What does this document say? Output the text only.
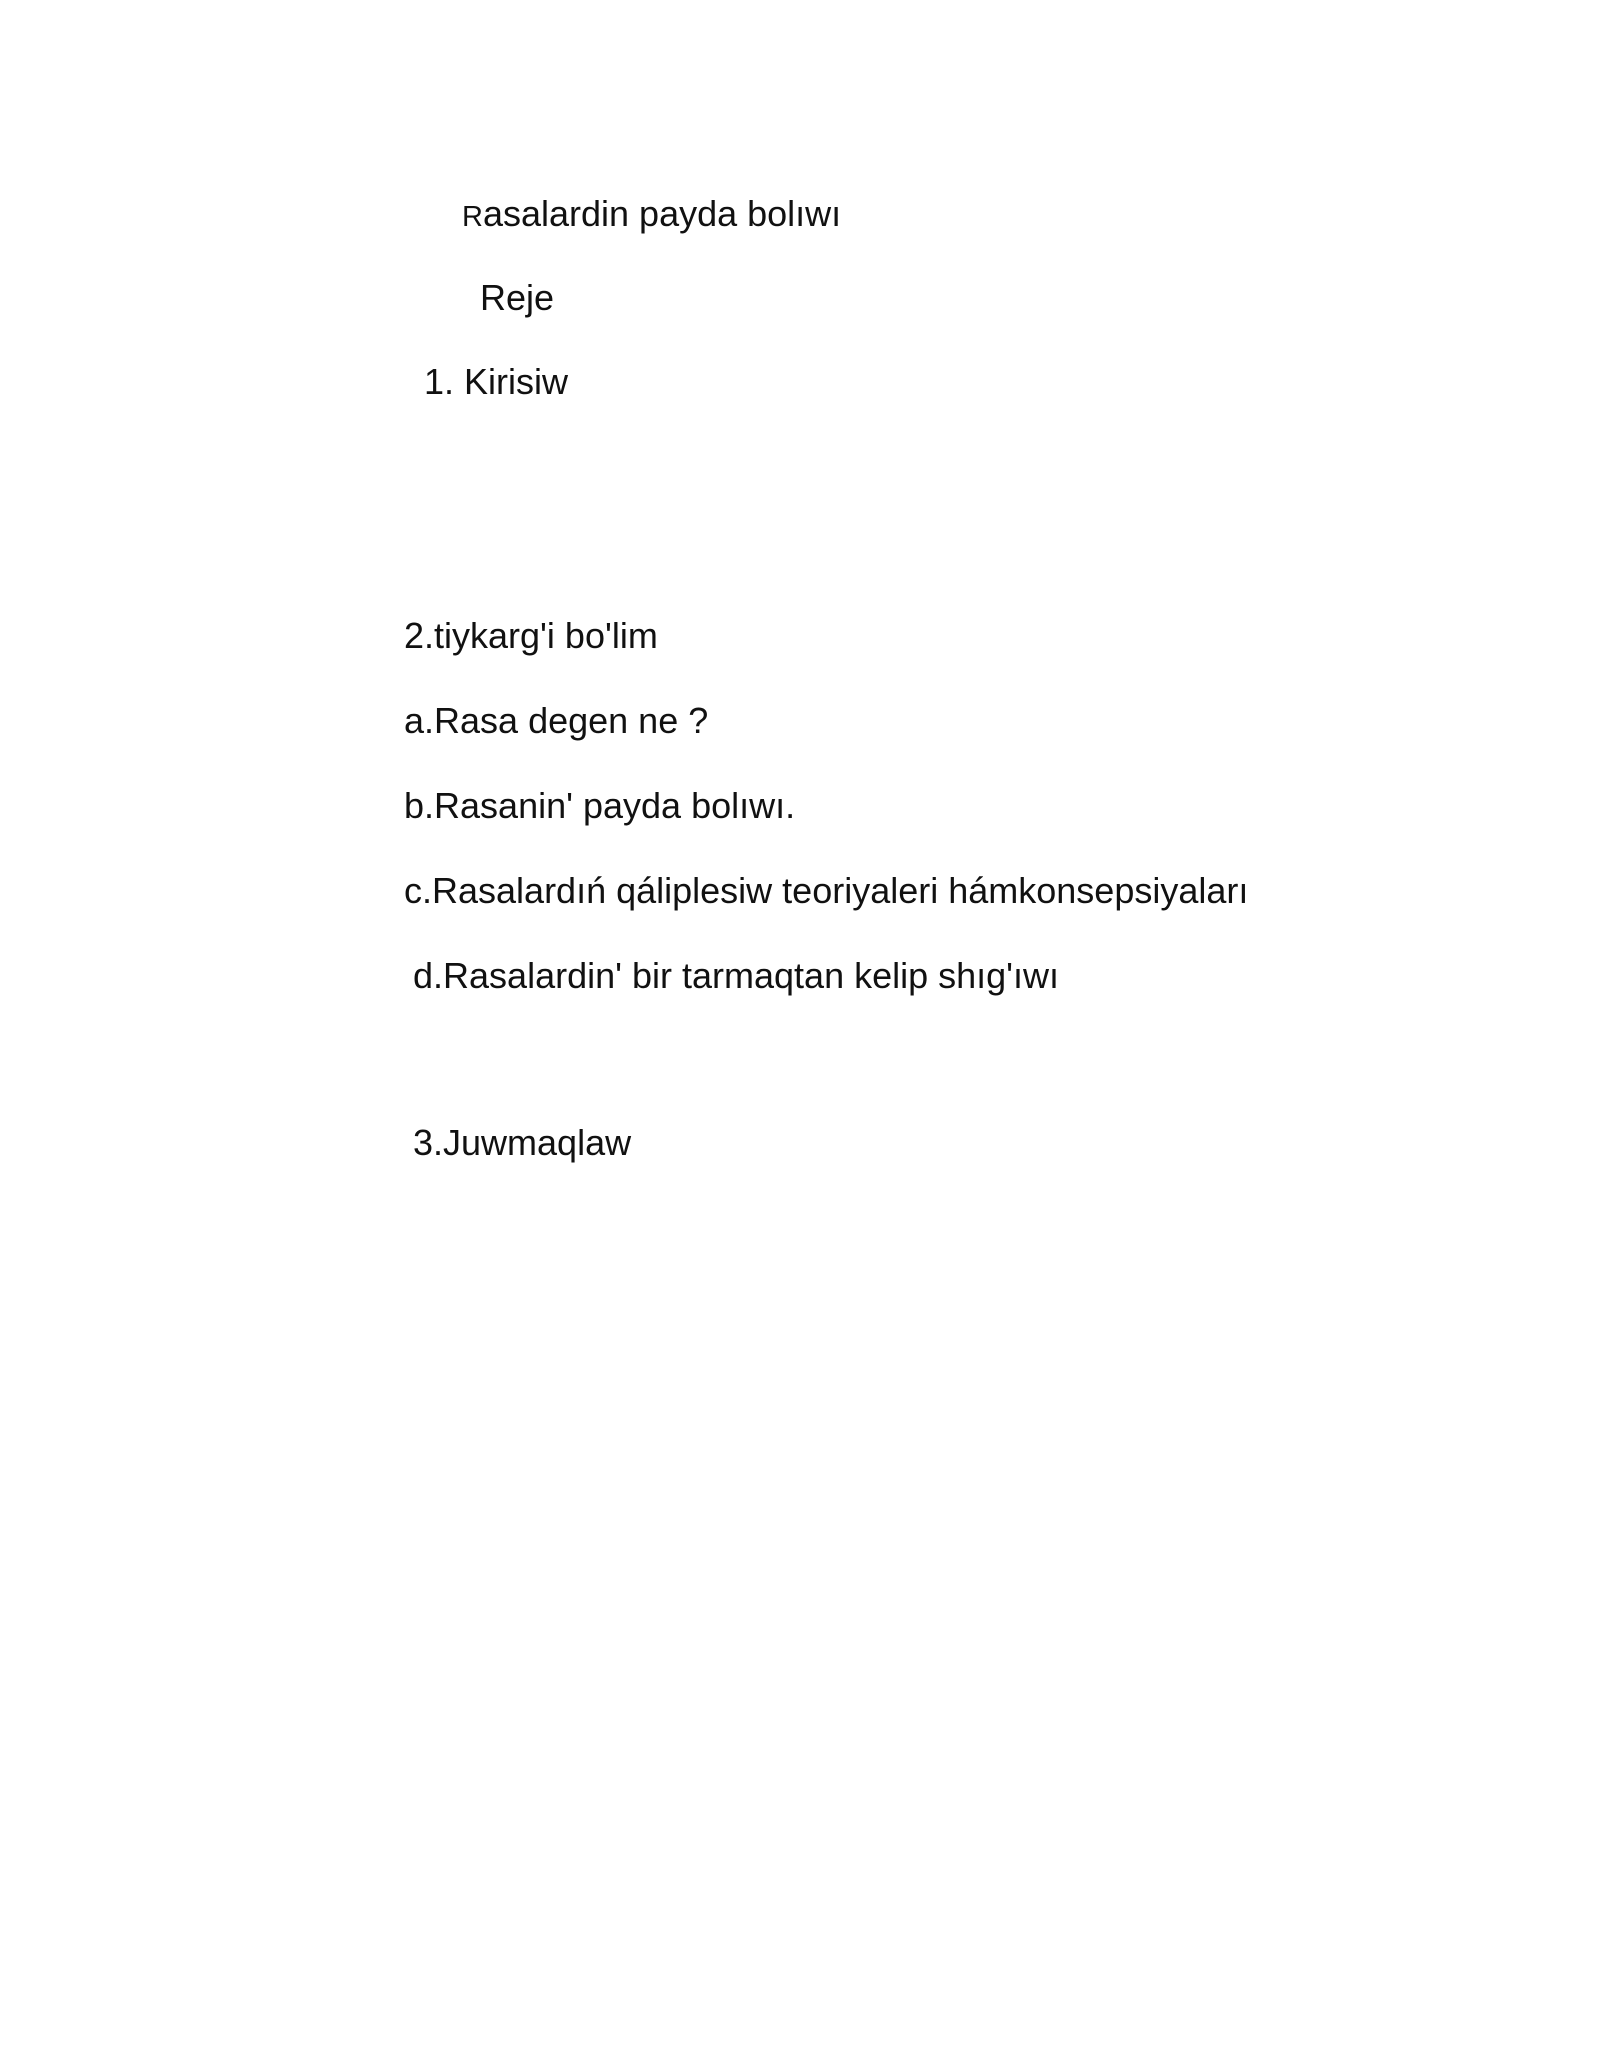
Rasalardin payda bolıwı

Reje

1. Kirisiw

2.tiykarg'i bo'lim

a.Rasa degen ne ?

b.Rasanin' payda bolıwı.

c.Rasalardıń qáliplesiw teoriyaleri hámkonsepsiyaları

d.Rasalardin' bir tarmaqtan kelip shıg'ıwı

3.Juwmaqlaw
